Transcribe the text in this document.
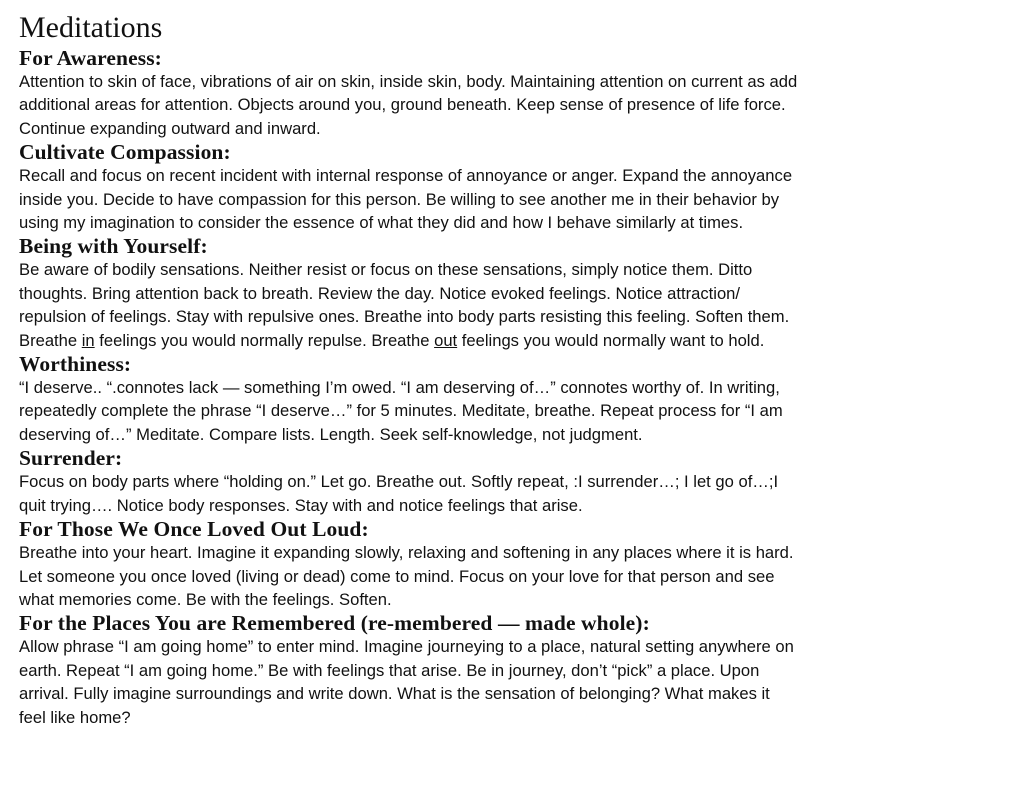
Meditations
For Awareness:
Attention to skin of face, vibrations of air on skin, inside skin, body. Maintaining attention on current as add
additional areas for attention. Objects around you, ground beneath. Keep sense of presence of life force.
Continue expanding outward and inward.
Cultivate Compassion:
Recall and focus on recent incident with internal response of annoyance or anger. Expand the annoyance
inside you. Decide to have compassion for this person. Be willing to see another me in their behavior by
using my imagination to consider the essence of what they did and how I behave similarly at times.
Being with Yourself:
Be aware of bodily sensations. Neither resist or focus on these sensations, simply notice them. Ditto
thoughts. Bring attention back to breath. Review the day. Notice evoked feelings. Notice attraction/
repulsion of feelings. Stay with repulsive ones. Breathe into body parts resisting this feeling. Soften them.
Breathe in feelings you would normally repulse. Breathe out feelings you would normally want to hold.
Worthiness:
“I deserve.. “.connotes lack — something I’m owed. “I am deserving of…” connotes worthy of. In writing,
repeatedly complete the phrase “I deserve…” for 5 minutes. Meditate, breathe. Repeat process for “I am
deserving of…” Meditate. Compare lists. Length. Seek self-knowledge, not judgment.
Surrender:
Focus on body parts where “holding on.” Let go. Breathe out. Softly repeat, :I surrender…; I let go of…;I
quit trying…. Notice body responses. Stay with and notice feelings that arise.
For Those We Once Loved Out Loud:
Breathe into your heart. Imagine it expanding slowly, relaxing and softening in any places where it is hard.
Let someone you once loved (living or dead) come to mind. Focus on your love for that person and see
what memories come. Be with the feelings. Soften.
For the Places You are Remembered (re-membered — made whole):
Allow phrase “I am going home” to enter mind. Imagine journeying to a place, natural setting anywhere on
earth. Repeat “I am going home.” Be with feelings that arise. Be in journey, don’t “pick” a place. Upon
arrival. Fully imagine surroundings and write down. What is the sensation of belonging? What makes it
feel like home?
